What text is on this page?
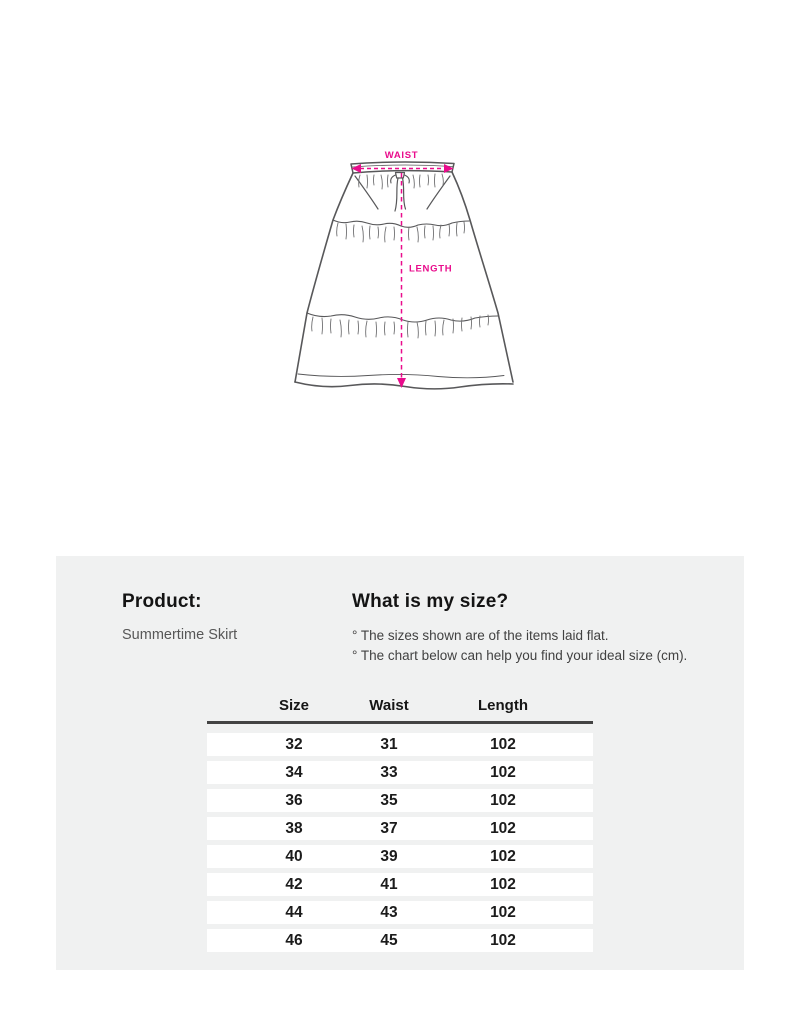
WAIST
LENGTH
Product:
Summertime Skirt
What is my size?
° The sizes shown are of the items laid flat.
° The chart below can help you find your ideal size (cm).
Size	Waist	Length
32	31	102
34	33	102
36	35	102
38	37	102
40	39	102
42	41	102
44	43	102
46	45	102
